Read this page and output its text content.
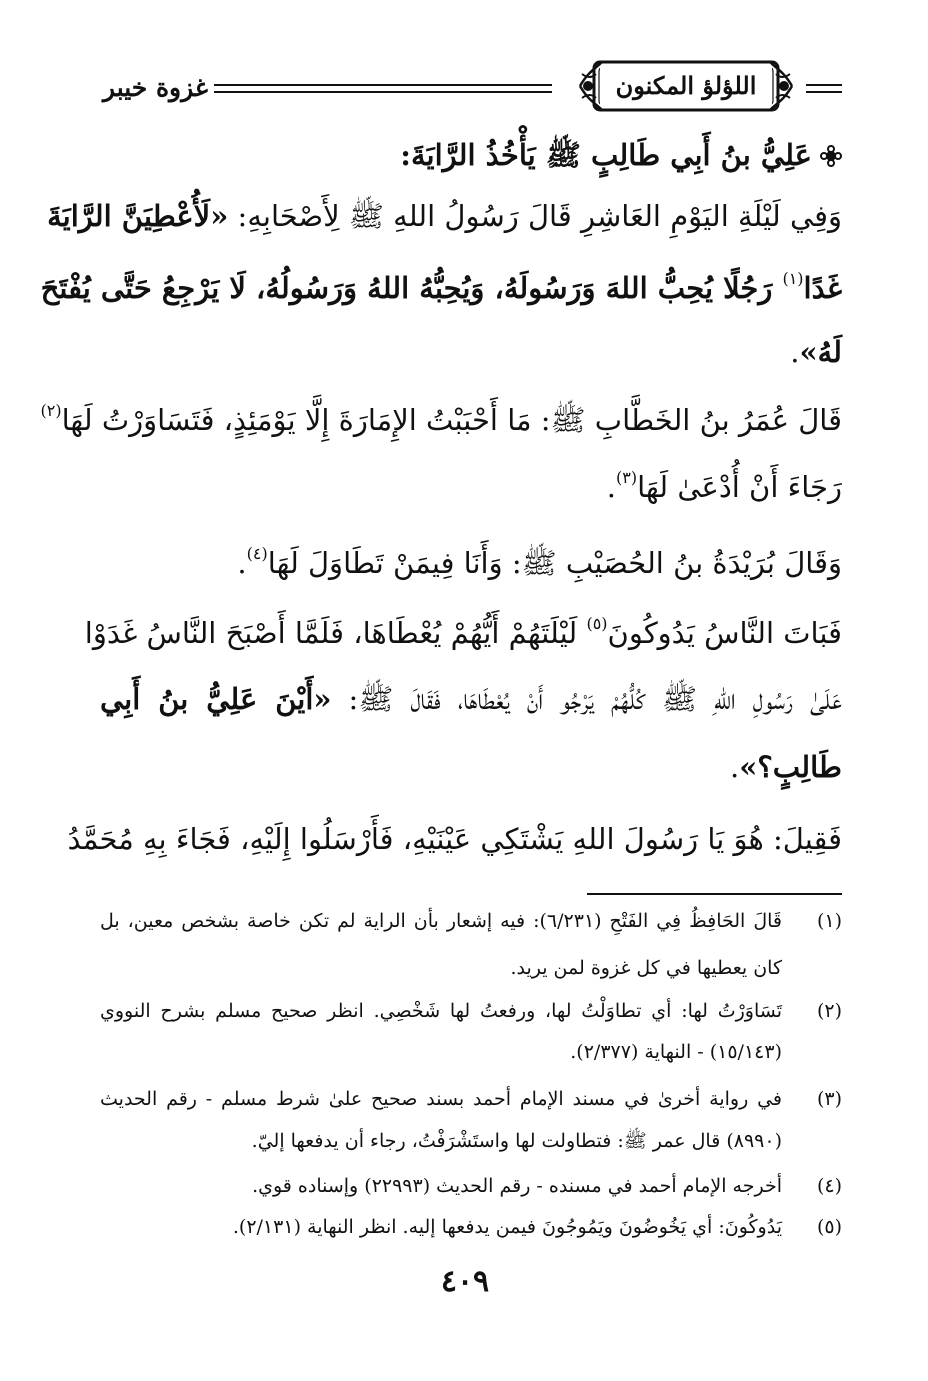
غزوة خيبر	اللؤلؤ المكنون
عَلِيُّ بنُ أَبِي طَالِبٍ ﷺ يَأْخُذُ الرَّايَةَ:
وَفِي لَيْلَةِ اليَوْمِ العَاشِرِ قَالَ رَسُولُ اللهِ ﷺ لِأَصْحَابِهِ: «لَأُعْطِيَنَّ الرَّايَةَ
غَدًا$^{(١)}$ رَجُلًا يُحِبُّ اللهَ وَرَسُولَهُ، وَيُحِبُّهُ اللهُ وَرَسُولُهُ، لَا يَرْجِعُ حَتَّى يُفْتَحَ
لَهُ».
قَالَ عُمَرُ بنُ الخَطَّابِ ﷺ: مَا أَحْبَبْتُ الإِمَارَةَ إِلَّا يَوْمَئِذٍ، فَتَسَاوَرْتُ لَهَا$^{(٢)}$
رَجَاءَ أَنْ أُدْعَىٰ لَهَا$^{(٣)}$.
وَقَالَ بُرَيْدَةُ بنُ الحُصَيْبِ ﷺ: وَأَنَا فِيمَنْ تَطَاوَلَ لَهَا$^{(٤)}$.
فَبَاتَ النَّاسُ يَدُوكُونَ$^{(٥)}$ لَيْلَتَهُمْ أَيُّهُمْ يُعْطَاهَا، فَلَمَّا أَصْبَحَ النَّاسُ غَدَوْا
عَلَىٰ رَسُولِ اللهِ ﷺ كُلُّهُمْ يَرْجُو أَنْ يُعْطَاهَا، فَقَالَ ﷺ: «أَيْنَ عَلِيُّ بنُ أَبِي
طَالِبٍ؟».
فَقِيلَ: هُوَ يَا رَسُولَ اللهِ يَشْتَكِي عَيْنَيْهِ، فَأَرْسَلُوا إِلَيْهِ، فَجَاءَ بِهِ مُحَمَّدُ
(١)
قَالَ الحَافِظُ فِي الفَتْحِ (٦/٢٣١): فيه إشعار بأن الراية لم تكن خاصة بشخص معين، بل
كان يعطيها في كل غزوة لمن يريد.
(٢)
تَسَاوَرْتُ لها: أي تطاوَلْتُ لها، ورفعتُ لها شَخْصِي. انظر صحيح مسلم بشرح النووي
(١٥/١٤٣) - النهاية (٢/٣٧٧).
(٣)
في رواية أخرىٰ في مسند الإمام أحمد بسند صحيح علىٰ شرط مسلم - رقم الحديث
(٨٩٩٠) قال عمر ﷺ: فتطاولت لها واستَشْرَفْتُ، رجاء أن يدفعها إليّ.
(٤)
أخرجه الإمام أحمد في مسنده - رقم الحديث (٢٢٩٩٣) وإسناده قوي.
(٥)
يَدُوكُونَ: أي يَخُوضُونَ ويَمُوجُونَ فيمن يدفعها إليه. انظر النهاية (٢/١٣١).
٤٠٩
